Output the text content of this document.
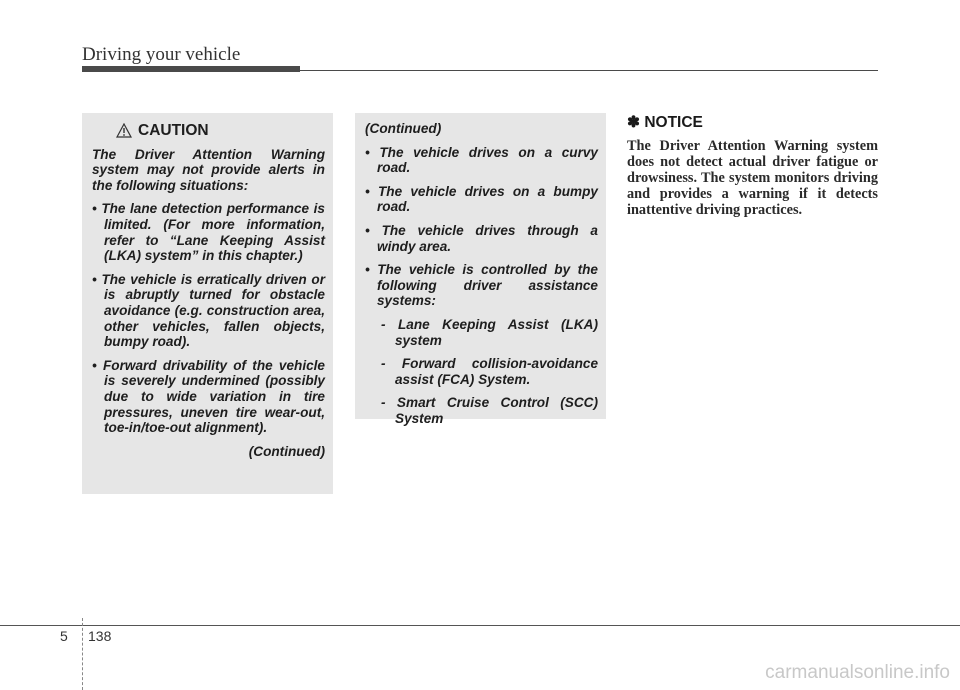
Driving your vehicle
CAUTION

The Driver Attention Warning system may not provide alerts in the following situations:

• The lane detection performance is limited. (For more information, refer to “Lane Keeping Assist (LKA) system” in this chapter.)

• The vehicle is erratically driven or is abruptly turned for obstacle avoidance (e.g. construction area, other vehicles, fallen objects, bumpy road).

• Forward drivability of the vehicle is severely undermined (possibly due to wide variation in tire pressures, uneven tire wear-out, toe-in/toe-out alignment).

(Continued)

(Continued)

• The vehicle drives on a curvy road.

• The vehicle drives on a bumpy road.

• The vehicle drives through a windy area.

• The vehicle is controlled by the following driver assistance systems:

- Lane Keeping Assist (LKA) system

- Forward collision-avoidance assist (FCA) System.

- Smart Cruise Control (SCC) System

✽
NOTICE

The Driver Attention Warning system does not detect actual driver fatigue or drowsiness. The system monitors driving and provides a warning if it detects inattentive driving practices.

5 138
carmanualsonline.info
